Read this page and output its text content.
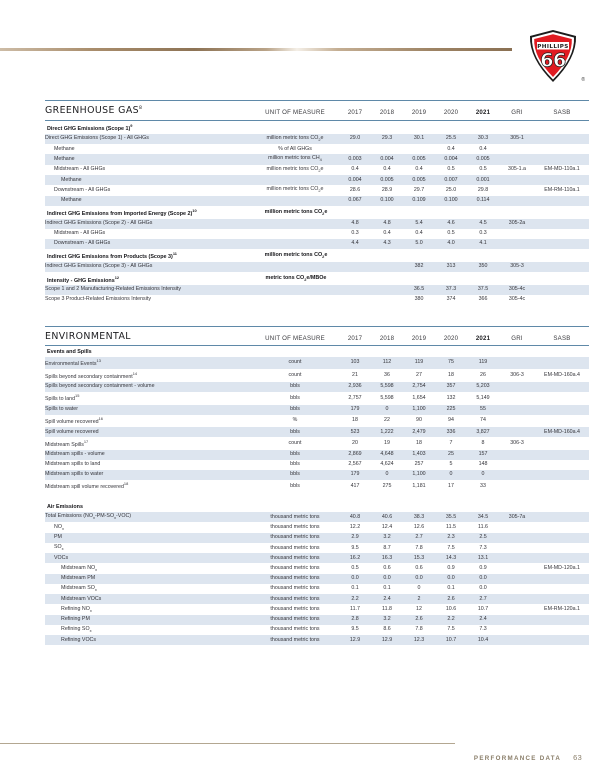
PHILLIPS
66
®
GREENHOUSE GAS$^8$	UNIT OF MEASURE	2017	2018	2019	2020	2021	GRI	SASB
Direct GHG Emissions (Scope 1)$^9$		
Direct GHG Emissions (Scope 1) - All GHGs	million metric tons $CO_2e$	29.0	29.3	30.1	25.5	30.3	305-1	
Methane	% of All GHGs				0.4	0.4		
Methane	million metric tons $CH_4$	0.003	0.004	0.005	0.004	0.005		
Midstream - All GHGs	million metric tons $CO_2e$	0.4	0.4	0.4	0.5	0.5	305-1.a	EM-MD-110a.1
Methane		0.004	0.005	0.005	0.007	0.001		
Downstream - All GHGs	million metric tons $CO_2e$	28.6	28.9	29.7	25.0	29.8		EM-RM-110a.1
Methane		0.067	0.100	0.109	0.100	0.114		
Indirect GHG Emissions from Imported Energy (Scope 2)$^{10}$	million metric tons $CO_2e$							
Indirect GHG Emissions (Scope 2) - All GHGs		4.8	4.8	5.4	4.6	4.5	305-2a	
Midstream - All GHGs		0.3	0.4	0.4	0.5	0.3		
Downstream - All GHGs		4.4	4.3	5.0	4.0	4.1		
Indirect GHG Emissions from Products (Scope 3)$^{11}$	million metric tons $CO_2e$							
Indirect GHG Emissions (Scope 3) - All GHGs				382	313	350	305-3	
Intensity - GHG Emissions$^{12}$	metric tons $CO_2e$/MBOe							
Scope 1 and 2 Manufacturing-Related Emissions Intensity				36.5	37.3	37.5	305-4c	
Scope 3 Product-Related Emissions Intensity				380	374	366	305-4c	
ENVIRONMENTAL	UNIT OF MEASURE	2017	2018	2019	2020	2021	GRI	SASB
Events and Spills								
Environmental Events$^{13}$	count	103	112	119	75	119		
Spills beyond secondary containment$^{14}$	count	21	36	27	18	26	306-3	EM-MD-160a.4
Spills beyond secondary containment - volume	bbls	2,936	5,598	2,754	357	5,203		
Spills to land$^{15}$	bbls	2,757	5,598	1,654	132	5,149		
Spills to water	bbls	179	0	1,100	225	55		
Spill volume recovered$^{16}$	%	18	22	90	94	74		
Spill volume recovered	bbls	523	1,222	2,479	336	3,827		EM-MD-160a.4
Midstream Spills$^{17}$	count	20	19	18	7	8	306-3	
Midstream spills - volume	bbls	2,869	4,648	1,403	25	157		
Midstream spills to land	bbls	2,567	4,624	257	5	148		
Midstream spills to water	bbls	179	0	1,100	0	0		
Midstream spill volume recovered$^{18}$	bbls	417	275	1,181	17	33		

Air Emissions								
Total Emissions $(NO_x-PM-SO_x-VOC)$	thousand metric tons	40.8	40.6	38.3	35.5	34.5	305-7a	
$NO_x$	thousand metric tons	12.2	12.4	12.6	11.5	11.6		
PM	thousand metric tons	2.9	3.2	2.7	2.3	2.5		
$SO_x$	thousand metric tons	9.5	8.7	7.8	7.5	7.3		
VOCs	thousand metric tons	16.2	16.3	15.3	14.3	13.1		
Midstream $NO_x$	thousand metric tons	0.5	0.6	0.6	0.9	0.9		EM-MD-120a.1
Midstream PM	thousand metric tons	0.0	0.0	0.0	0.0	0.0		
Midstream $SO_x$	thousand metric tons	0.1	0.1	0	0.1	0.0		
Midstream VOCs	thousand metric tons	2.2	2.4	2	2.6	2.7		
Refining $NO_x$	thousand metric tons	11.7	11.8	12	10.6	10.7		EM-RM-120a.1
Refining PM	thousand metric tons	2.8	3.2	2.6	2.2	2.4		
Refining $SO_x$	thousand metric tons	9.5	8.6	7.8	7.5	7.3		
Refining VOCs	thousand metric tons	12.9	12.9	12.3	10.7	10.4		
PERFORMANCE DATA 63
